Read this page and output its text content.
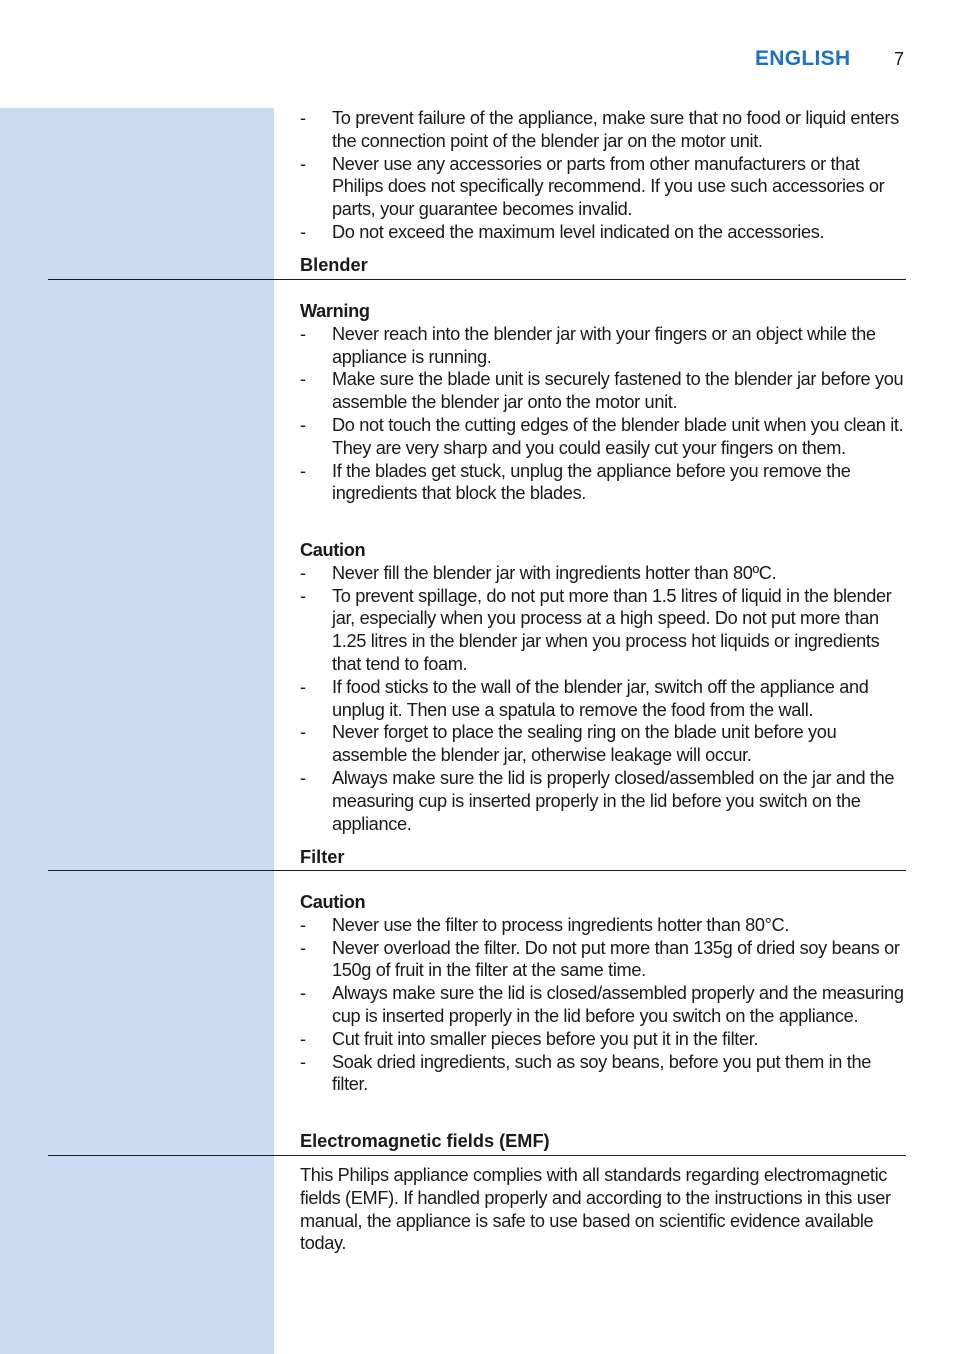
ENGLISH 7
- To prevent failure of the appliance, make sure that no food or liquid enters the connection point of the blender jar on the motor unit.
- Never use any accessories or parts from other manufacturers or that Philips does not specifically recommend. If you use such accessories or parts, your guarantee becomes invalid.
- Do not exceed the maximum level indicated on the accessories.
Blender

Warning

- Never reach into the blender jar with your fingers or an object while the appliance is running.
- Make sure the blade unit is securely fastened to the blender jar before you assemble the blender jar onto the motor unit.
- Do not touch the cutting edges of the blender blade unit when you clean it. They are very sharp and you could easily cut your fingers on them.
- If the blades get stuck, unplug the appliance before you remove the ingredients that block the blades.

Caution

- Never fill the blender jar with ingredients hotter than 80ºC.
- To prevent spillage, do not put more than 1.5 litres of liquid in the blender jar, especially when you process at a high speed. Do not put more than 1.25 litres in the blender jar when you process hot liquids or ingredients that tend to foam.
- If food sticks to the wall of the blender jar, switch off the appliance and unplug it. Then use a spatula to remove the food from the wall.
- Never forget to place the sealing ring on the blade unit before you assemble the blender jar, otherwise leakage will occur.
- Always make sure the lid is properly closed/assembled on the jar and the measuring cup is inserted properly in the lid before you switch on the appliance.
Filter

Caution

- Never use the filter to process ingredients hotter than 80°C.
- Never overload the filter. Do not put more than 135g of dried soy beans or 150g of fruit in the filter at the same time.
- Always make sure the lid is closed/assembled properly and the measuring cup is inserted properly in the lid before you switch on the appliance.
- Cut fruit into smaller pieces before you put it in the filter.
- Soak dried ingredients, such as soy beans, before you put them in the filter.
Electromagnetic fields (EMF)

This Philips appliance complies with all standards regarding electromagnetic fields (EMF). If handled properly and according to the instructions in this user manual, the appliance is safe to use based on scientific evidence available today.
